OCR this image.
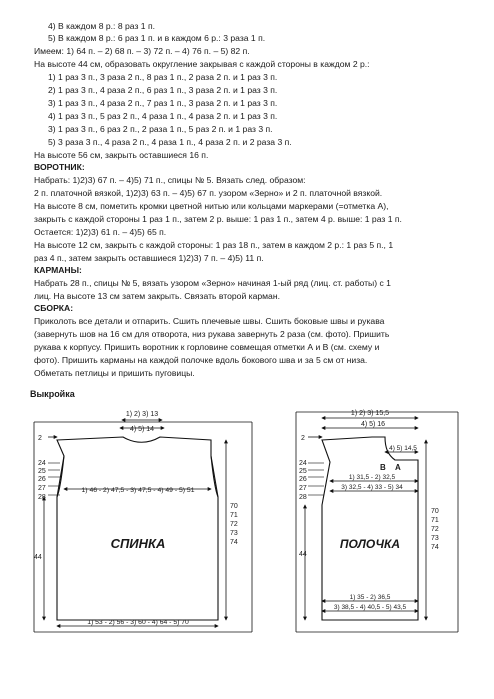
4) В каждом 8 р.: 8 раз 1 п.
5) В каждом 8 р.: 6 раз 1 п. и в каждом 6 р.: 3 раза 1 п.
Имеем: 1) 64 п. – 2) 68 п. – 3) 72 п. – 4) 76 п. – 5) 82 п.
На высоте 44 см, образовать округление закрывая с каждой стороны в каждом 2 р.:
1) 1 раз 3 п., 3 раза 2 п., 8 раз 1 п., 2 раза 2 п. и 1 раз 3 п.
2) 1 раз 3 п., 4 раза 2 п., 6 раз 1 п., 3 раза 2 п. и 1 раз 3 п.
3) 1 раз 3 п., 4 раза 2 п., 7 раз 1 п., 3 раза 2 п. и 1 раз 3 п.
4) 1 раз 3 п., 5 раз 2 п., 4 раза 1 п., 4 раза 2 п. и 1 раз 3 п.
3) 1 раз 3 п., 6 раз 2 п., 2 раза 1 п., 5 раз 2 п. и 1 раз 3 п.
5) 3 раза 3 п., 4 раза 2 п., 4 раза 1 п., 4 раза 2 п. и 2 раза 3 п.
На высоте 56 см, закрыть оставшиеся 16 п.
ВОРОТНИК:
Набрать: 1)2)3) 67 п. – 4)5) 71 п., спицы № 5. Вязать след. образом:
2 п. платочной вязкой, 1)2)3) 63 п. – 4)5) 67 п. узором «Зерно» и 2 п. платочной вязкой.
На высоте 8 см, пометить кромки цветной нитью или кольцами маркерами (=отметка А),
закрыть с каждой стороны 1 раз 1 п., затем 2 р. выше: 1 раз 1 п., затем 4 р. выше: 1 раз 1 п.
Остается: 1)2)3) 61 п. – 4)5) 65 п.
На высоте 12 см, закрыть с каждой стороны: 1 раз 18 п., затем в каждом 2 р.: 1 раз 5 п., 1
раз 4 п., затем закрыть оставшиеся 1)2)3) 7 п. – 4)5) 11 п.
КАРМАНЫ:
Набрать 28 п., спицы № 5, вязать узором «Зерно» начиная 1-ый ряд (лиц. ст. работы) с 1
лиц. На высоте 13 см затем закрыть. Связать второй карман.
СБОРКА:
Приколоть все детали и отпарить. Сшить плечевые швы. Сшить боковые швы и рукава
(завернуть шов на 16 см для отворота, низ рукава завернуть 2 раза (см. фото). Пришить
рукава к корпусу. Пришить воротник к горловине совмещая отметки А и В (см. схему и
фото). Пришить карманы на каждой полочке вдоль бокового шва и за 5 см от низа.
Обметать петлицы и пришить пуговицы.
Выкройка
1) 2) 3) 13
4) 5) 14
2
24
25
26
27
28
1) 46 - 2) 47,5 - 3) 47,5 - 4) 49 - 5) 51
70
71
72
73
74
44
1) 53 - 2) 56 - 3) 60 - 4) 64 - 5) 70
СПИНКА
1) 2) 3) 15,5
4) 5) 16
4) 5) 14,5
B A
2
24
25
26
27
28
1) 31,5 - 2) 32,5
3) 32,5 - 4) 33 - 5) 34
70
71
72
73
74
44
1) 35 - 2) 36,5
3) 38,5 - 4) 40,5 - 5) 43,5
ПОЛОЧКА
